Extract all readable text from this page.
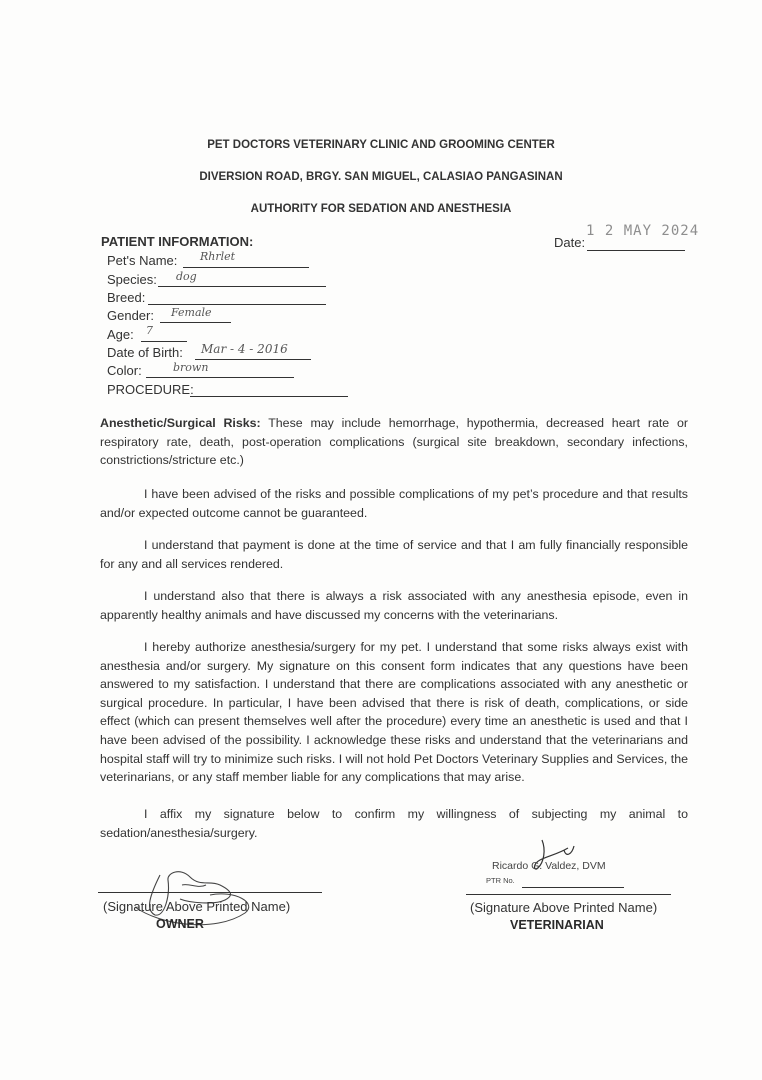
PET DOCTORS VETERINARY CLINIC AND GROOMING CENTER
DIVERSION ROAD, BRGY. SAN MIGUEL, CALASIAO PANGASINAN
AUTHORITY FOR SEDATION AND ANESTHESIA
Date:
1 2 MAY 2024
PATIENT INFORMATION:
Pet's Name: Rhrlet
Species: dog
Breed:
Gender: Female
Age: 7
Date of Birth: Mar - 4 - 2016
Color:	brown
PROCEDURE:
Anesthetic/Surgical Risks: These may include hemorrhage, hypothermia, decreased heart rate or respiratory rate, death, post-operation complications (surgical site breakdown, secondary infections, constrictions/stricture etc.)
I have been advised of the risks and possible complications of my pet’s procedure and that results and/or expected outcome cannot be guaranteed.
I understand that payment is done at the time of service and that I am fully financially responsible for any and all services rendered.
I understand also that there is always a risk associated with any anesthesia episode, even in apparently healthy animals and have discussed my concerns with the veterinarians.
I hereby authorize anesthesia/surgery for my pet. I understand that some risks always exist with anesthesia and/or surgery. My signature on this consent form indicates that any questions have been answered to my satisfaction. I understand that there are complications associated with any anesthetic or surgical procedure. In particular, I have been advised that there is risk of death, complications, or side effect (which can present themselves well after the procedure) every time an anesthetic is used and that I have been advised of the possibility. I acknowledge these risks and understand that the veterinarians and hospital staff will try to minimize such risks. I will not hold Pet Doctors Veterinary Supplies and Services, the veterinarians, or any staff member liable for any complications that may arise.
I affix my signature below to confirm my willingness of subjecting my animal to sedation/anesthesia/surgery.
(Signature Above Printed Name)
OWNER
Ricardo G. Valdez, DVM
PTR No.
(Signature Above Printed Name)
VETERINARIAN
